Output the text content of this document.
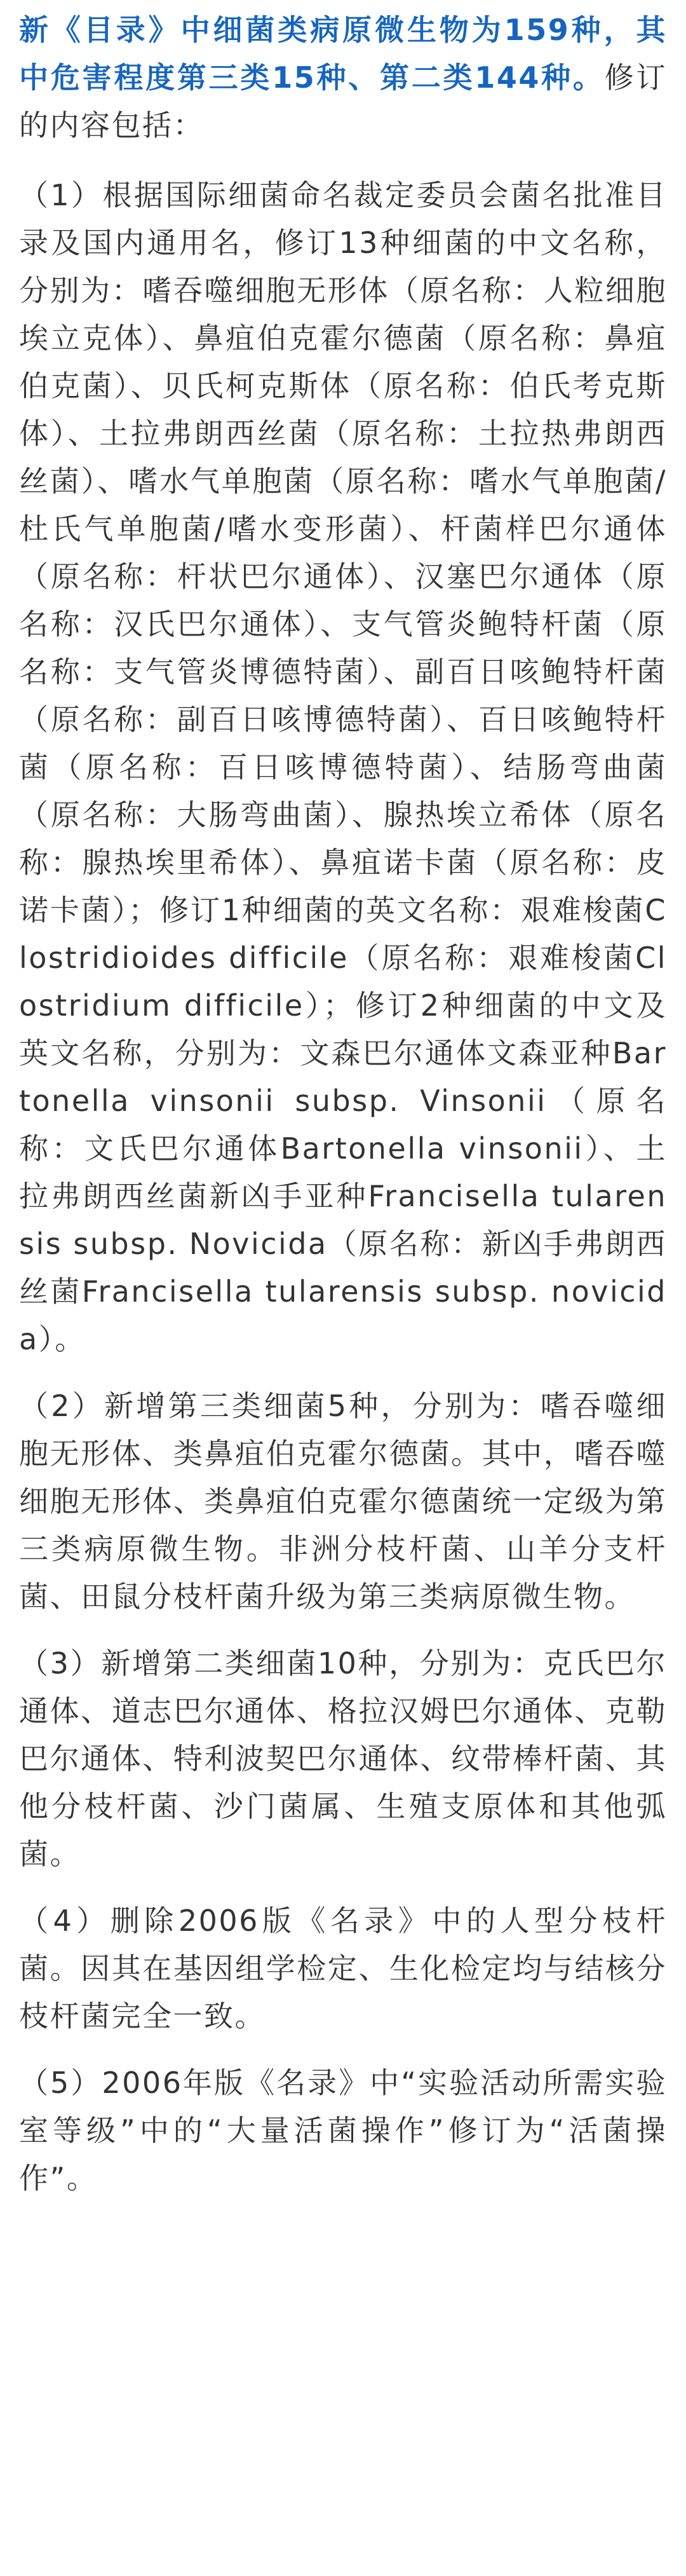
新《目录》中细菌类病原微生物为159种，其中危害程度第三类15种、第二类144种。修订的内容包括：

（1）根据国际细菌命名裁定委员会菌名批准目录及国内通用名，修订13种细菌的中文名称，分别为：嗜吞噬细胞无形体（原名称：人粒细胞埃立克体）、鼻疽伯克霍尔德菌（原名称：鼻疽伯克菌）、贝氏柯克斯体（原名称：伯氏考克斯体）、土拉弗朗西丝菌（原名称：土拉热弗朗西丝菌）、嗜水气单胞菌（原名称：嗜水气单胞菌/杜氏气单胞菌/嗜水变形菌）、杆菌样巴尔通体（原名称：杆状巴尔通体）、汉塞巴尔通体（原名称：汉氏巴尔通体）、支气管炎鲍特杆菌（原名称：支气管炎博德特菌）、副百日咳鲍特杆菌（原名称：副百日咳博德特菌）、百日咳鲍特杆菌（原名称：百日咳博德特菌）、结肠弯曲菌（原名称：大肠弯曲菌）、腺热埃立希体（原名称：腺热埃里希体）、鼻疽诺卡菌（原名称：皮诺卡菌）；修订1种细菌的英文名称：艰难梭菌Clostridioides difficile（原名称：艰难梭菌Clostridium difficile）；修订2种细菌的中文及英文名称，分别为：文森巴尔通体文森亚种Bartonella vinsonii subsp. Vinsonii（原名称：文氏巴尔通体Bartonella vinsonii）、土拉弗朗西丝菌新凶手亚种Francisella tularensis subsp. Novicida（原名称：新凶手弗朗西丝菌Francisella tularensis subsp. novicida）。

（2）新增第三类细菌5种，分别为：嗜吞噬细胞无形体、类鼻疽伯克霍尔德菌。其中，嗜吞噬细胞无形体、类鼻疽伯克霍尔德菌统一定级为第三类病原微生物。非洲分枝杆菌、山羊分支杆菌、田鼠分枝杆菌升级为第三类病原微生物。

（3）新增第二类细菌10种，分别为：克氏巴尔通体、道志巴尔通体、格拉汉姆巴尔通体、克勒巴尔通体、特利波契巴尔通体、纹带棒杆菌、其他分枝杆菌、沙门菌属、生殖支原体和其他弧菌。

（4）删除2006版《名录》中的人型分枝杆菌。因其在基因组学检定、生化检定均与结核分枝杆菌完全一致。

（5）2006年版《名录》中“实验活动所需实验室等级”中的“大量活菌操作”修订为“活菌操作”。
